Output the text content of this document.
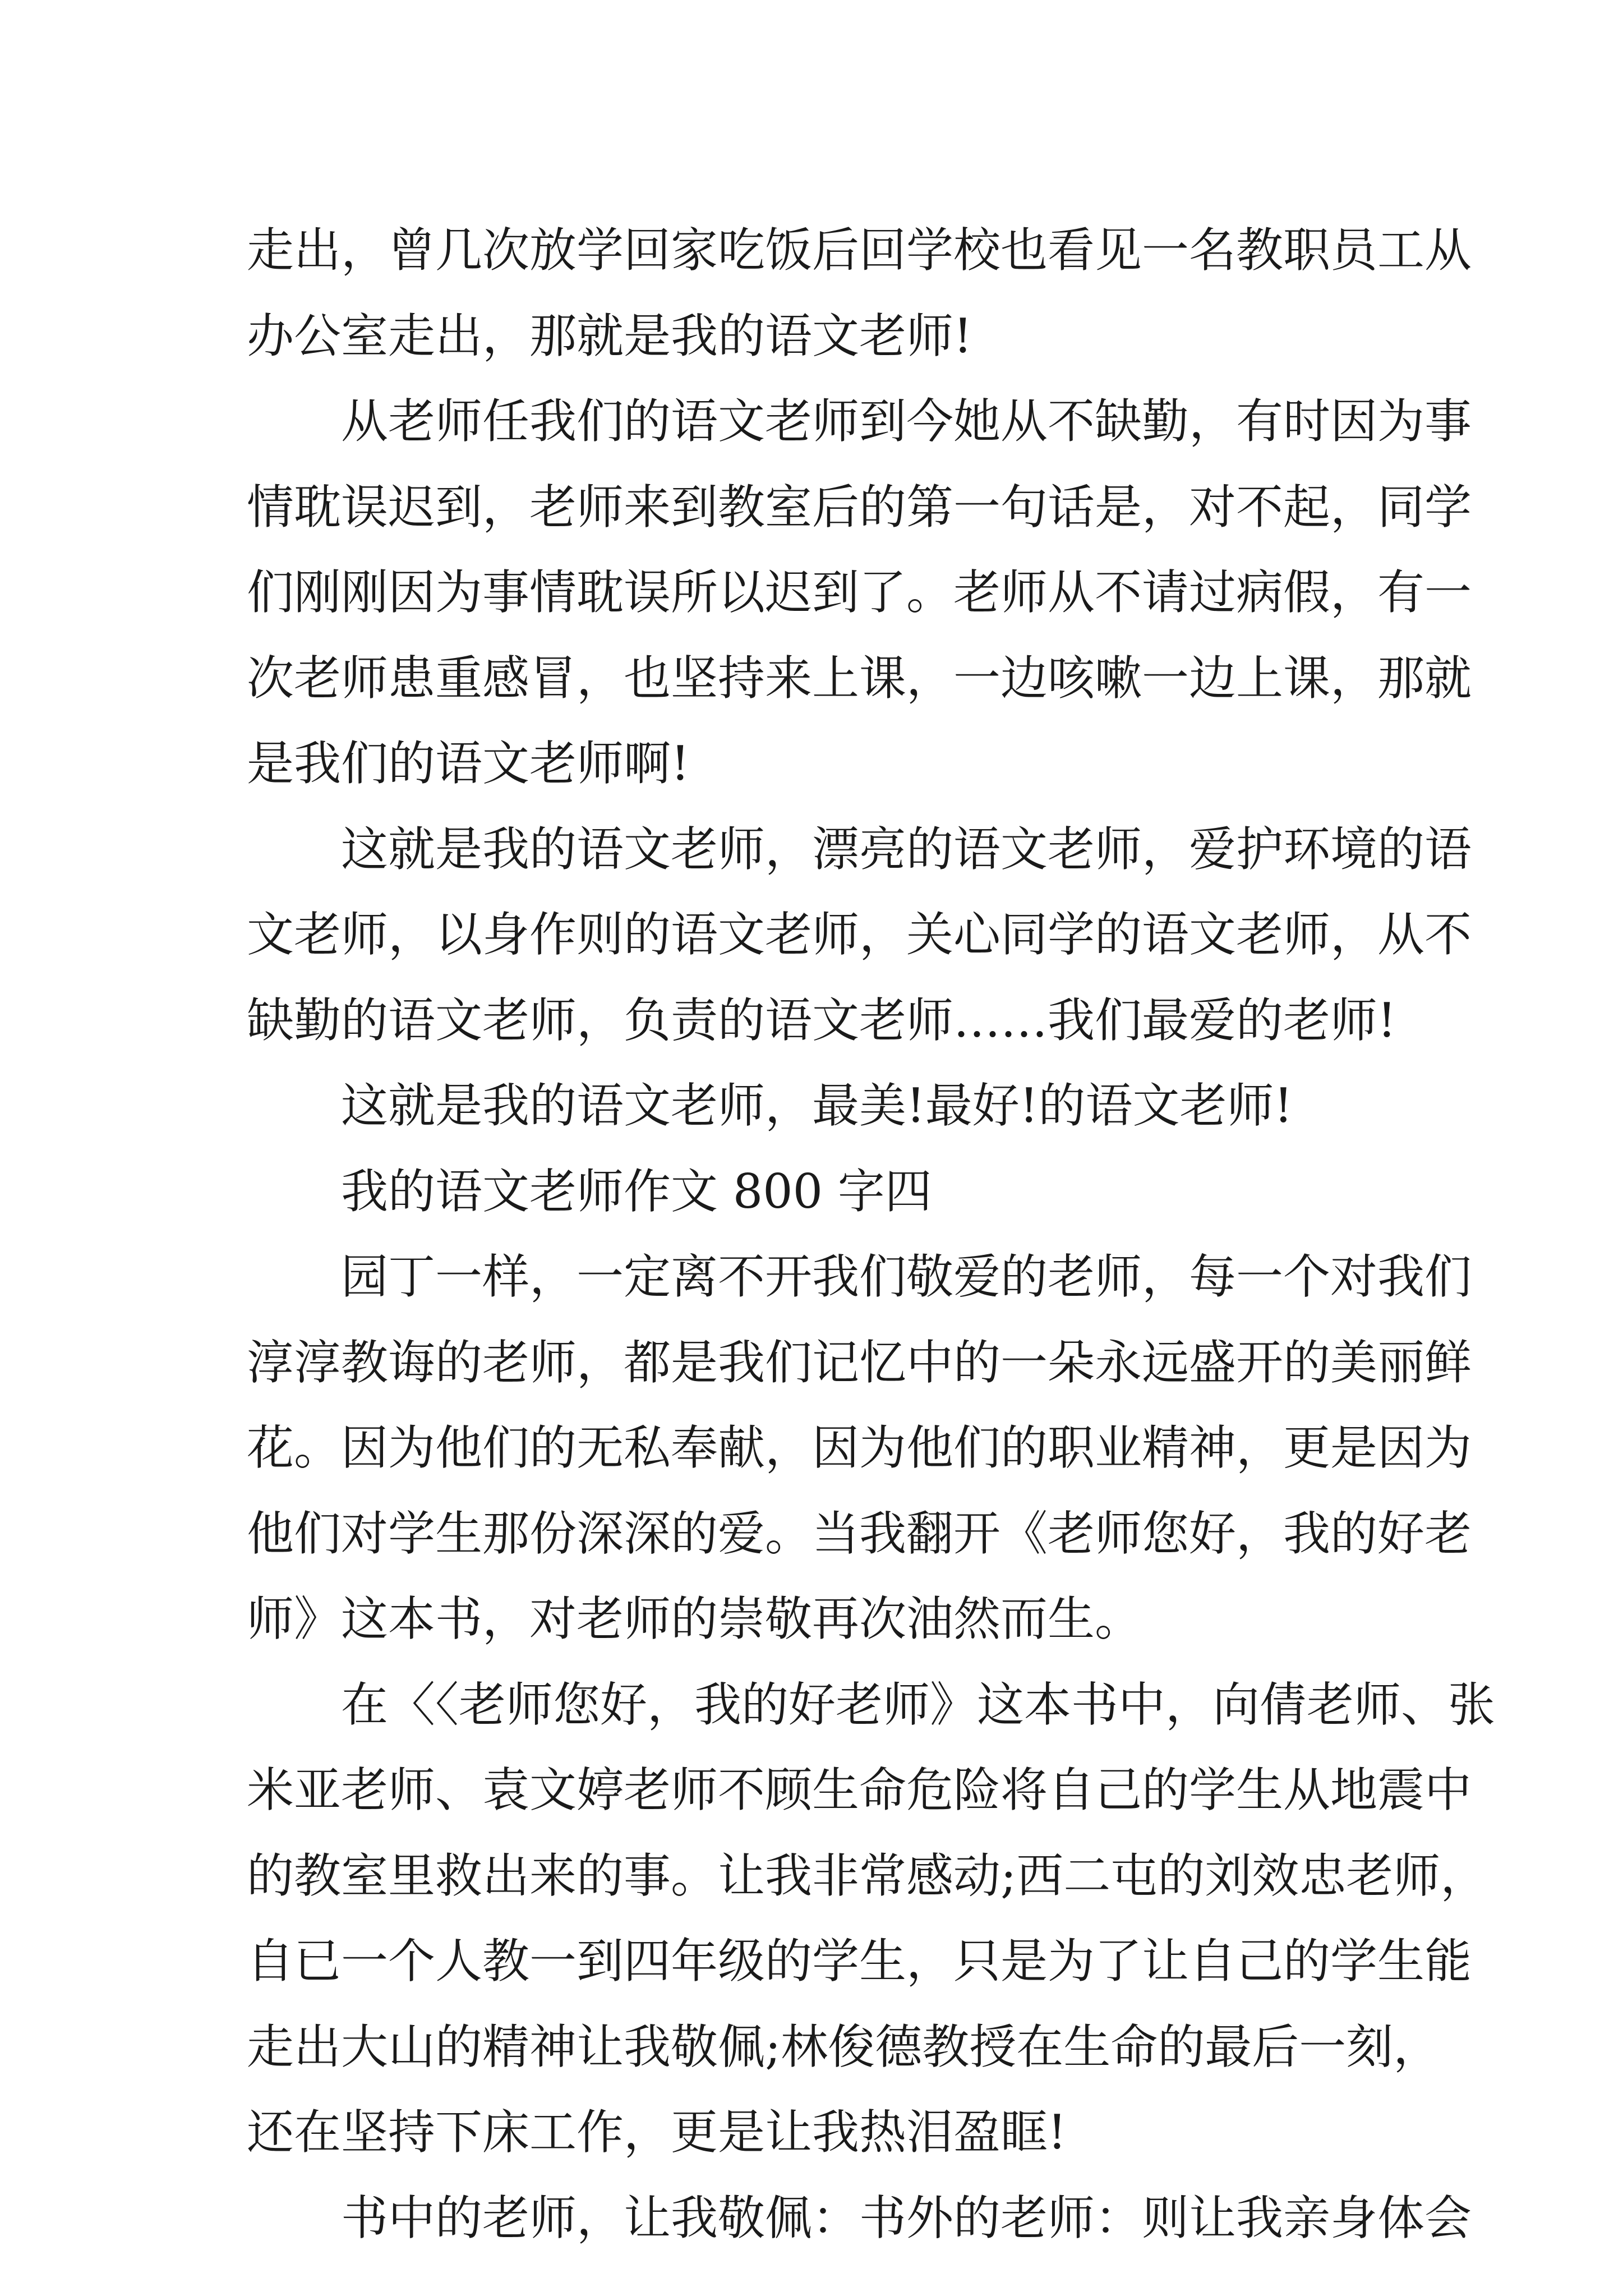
走出，曾几次放学回家吃饭后回学校也看见一名教职员工从
办公室走出，那就是我的语文老师!
从老师任我们的语文老师到今她从不缺勤，有时因为事
情耽误迟到，老师来到教室后的第一句话是，对不起，同学
们刚刚因为事情耽误所以迟到了。老师从不请过病假，有一
次老师患重感冒，也坚持来上课，一边咳嗽一边上课，那就
是我们的语文老师啊!
这就是我的语文老师，漂亮的语文老师，爱护环境的语
文老师，以身作则的语文老师，关心同学的语文老师，从不
缺勤的语文老师，负责的语文老师……我们最爱的老师!
这就是我的语文老师，最美!最好!的语文老师!
我的语文老师作文 800 字四
园丁一样，一定离不开我们敬爱的老师，每一个对我们
淳淳教诲的老师，都是我们记忆中的一朵永远盛开的美丽鲜
花。因为他们的无私奉献，因为他们的职业精神，更是因为
他们对学生那份深深的爱。当我翻开《老师您好，我的好老
师》这本书，对老师的崇敬再次油然而生。
在〈〈老师您好，我的好老师》这本书中，向倩老师、张
米亚老师、袁文婷老师不顾生命危险将自己的学生从地震中
的教室里救出来的事。让我非常感动;西二屯的刘效忠老师，
自已一个人教一到四年级的学生，只是为了让自己的学生能
走出大山的精神让我敬佩;林俊德教授在生命的最后一刻，
还在坚持下床工作，更是让我热泪盈眶!
书中的老师，让我敬佩：书外的老师：则让我亲身体会
